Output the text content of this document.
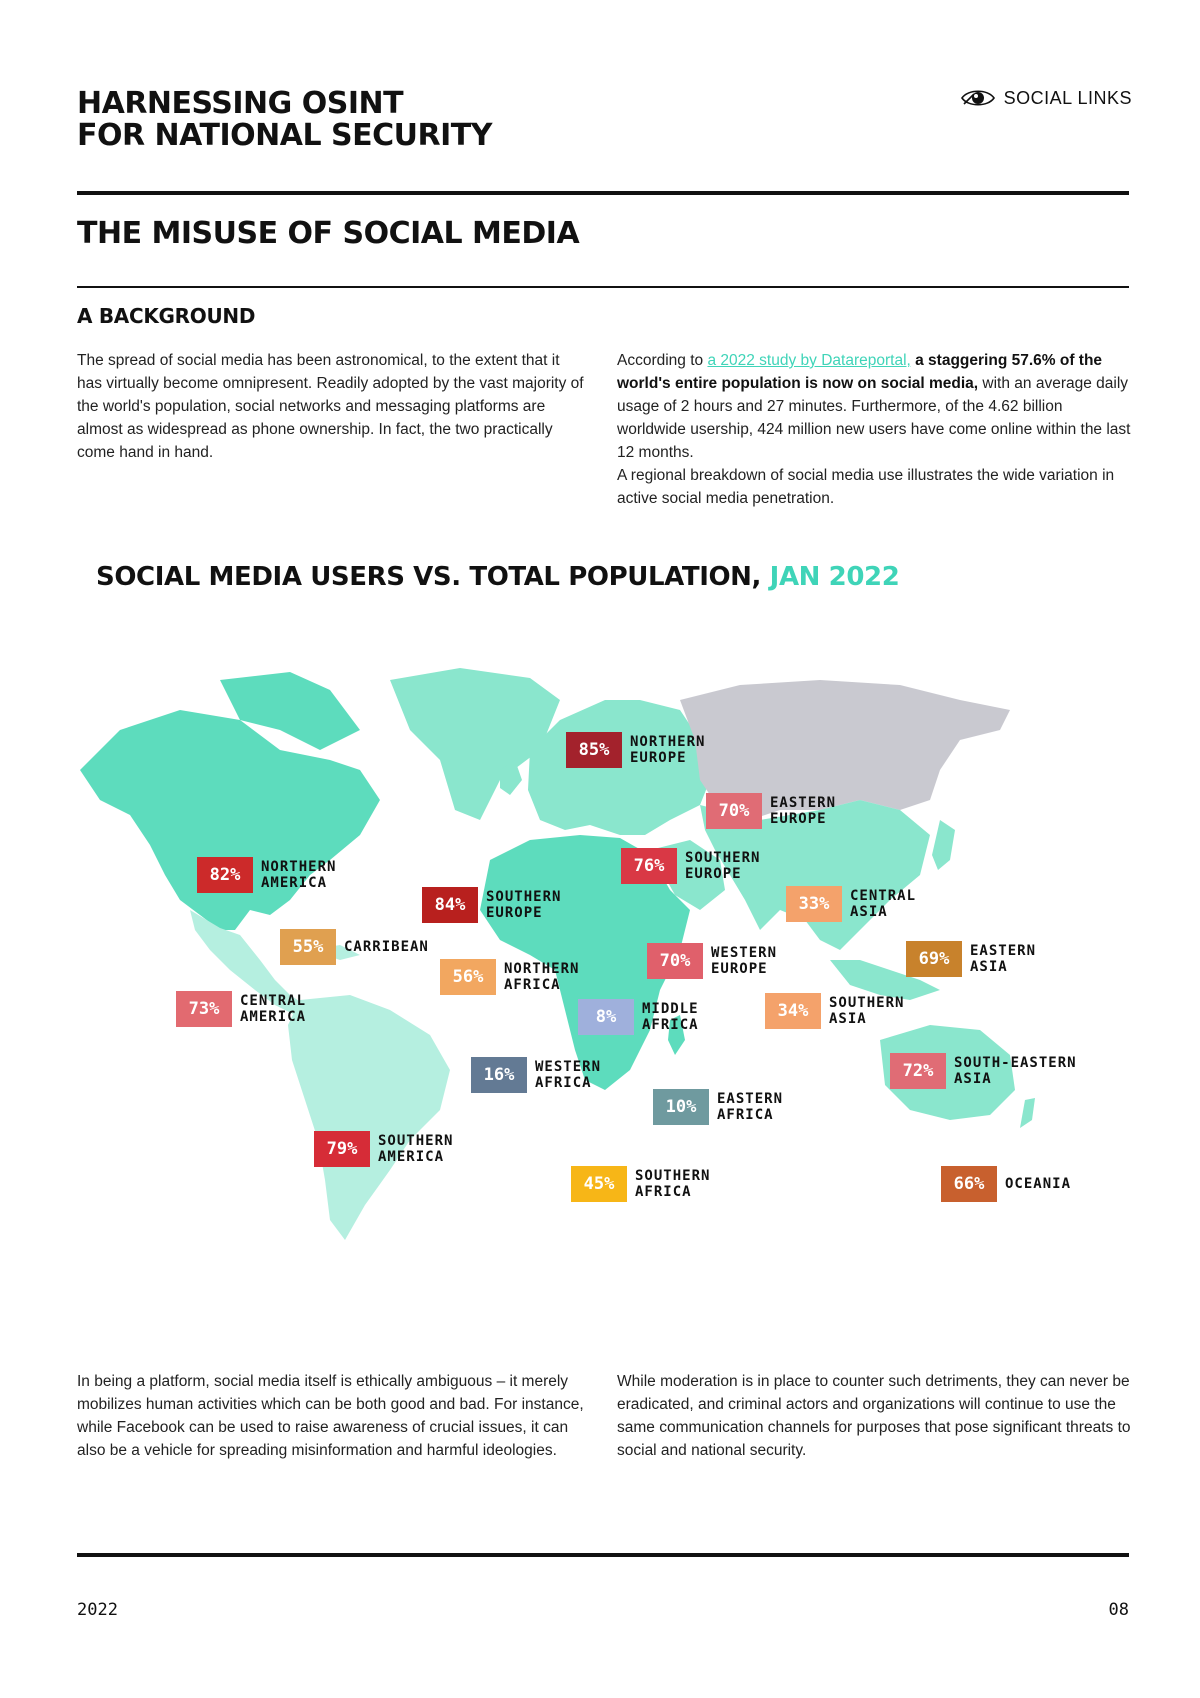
HARNESSING OSINT
FOR NATIONAL SECURITY
SOCIAL LINKS
THE MISUSE OF SOCIAL MEDIA
A BACKGROUND
The spread of social media has been astronomical, to the extent that it has virtually become omnipresent. Readily adopted by the vast majority of the world's population, social networks and messaging platforms are almost as widespread as phone ownership. In fact, the two practically come hand in hand.
According to a 2022 study by Datareportal, a staggering 57.6% of the world's entire population is now on social media, with an average daily usage of 2 hours and 27 minutes. Furthermore, of the 4.62 billion worldwide usership, 424 million new users have come online within the last 12 months.
A regional breakdown of social media use illustrates the wide variation in active social media penetration.
SOCIAL MEDIA USERS VS. TOTAL POPULATION, JAN 2022
85%	NORTHERN EUROPE
70%	EASTERN EUROPE
76%	SOUTHERN EUROPE
82%	NORTHERN AMERICA
84%	SOUTHERN EUROPE	33%	CENTRAL ASIA
55%	CARRIBEAN
70%	WESTERN EUROPE	69%	EASTERN ASIA
56%	NORTHERN AFRICA
73%	CENTRAL AMERICA	8%	MIDDLE AFRICA
34%	SOUTHERN ASIA
16%	WESTERN AFRICA
72%	SOUTH-EASTERN ASIA
10%	EASTERN AFRICA
79%	SOUTHERN AMERICA
45%	SOUTHERN AFRICA	66%	OCEANIA
In being a platform, social media itself is ethically ambiguous – it merely mobilizes human activities which can be both good and bad. For instance, while Facebook can be used to raise awareness of crucial issues, it can also be a vehicle for spreading misinformation and harmful ideologies.
While moderation is in place to counter such detriments, they can never be eradicated, and criminal actors and organizations will continue to use the same communication channels for purposes that pose significant threats to social and national security.
2022	08
